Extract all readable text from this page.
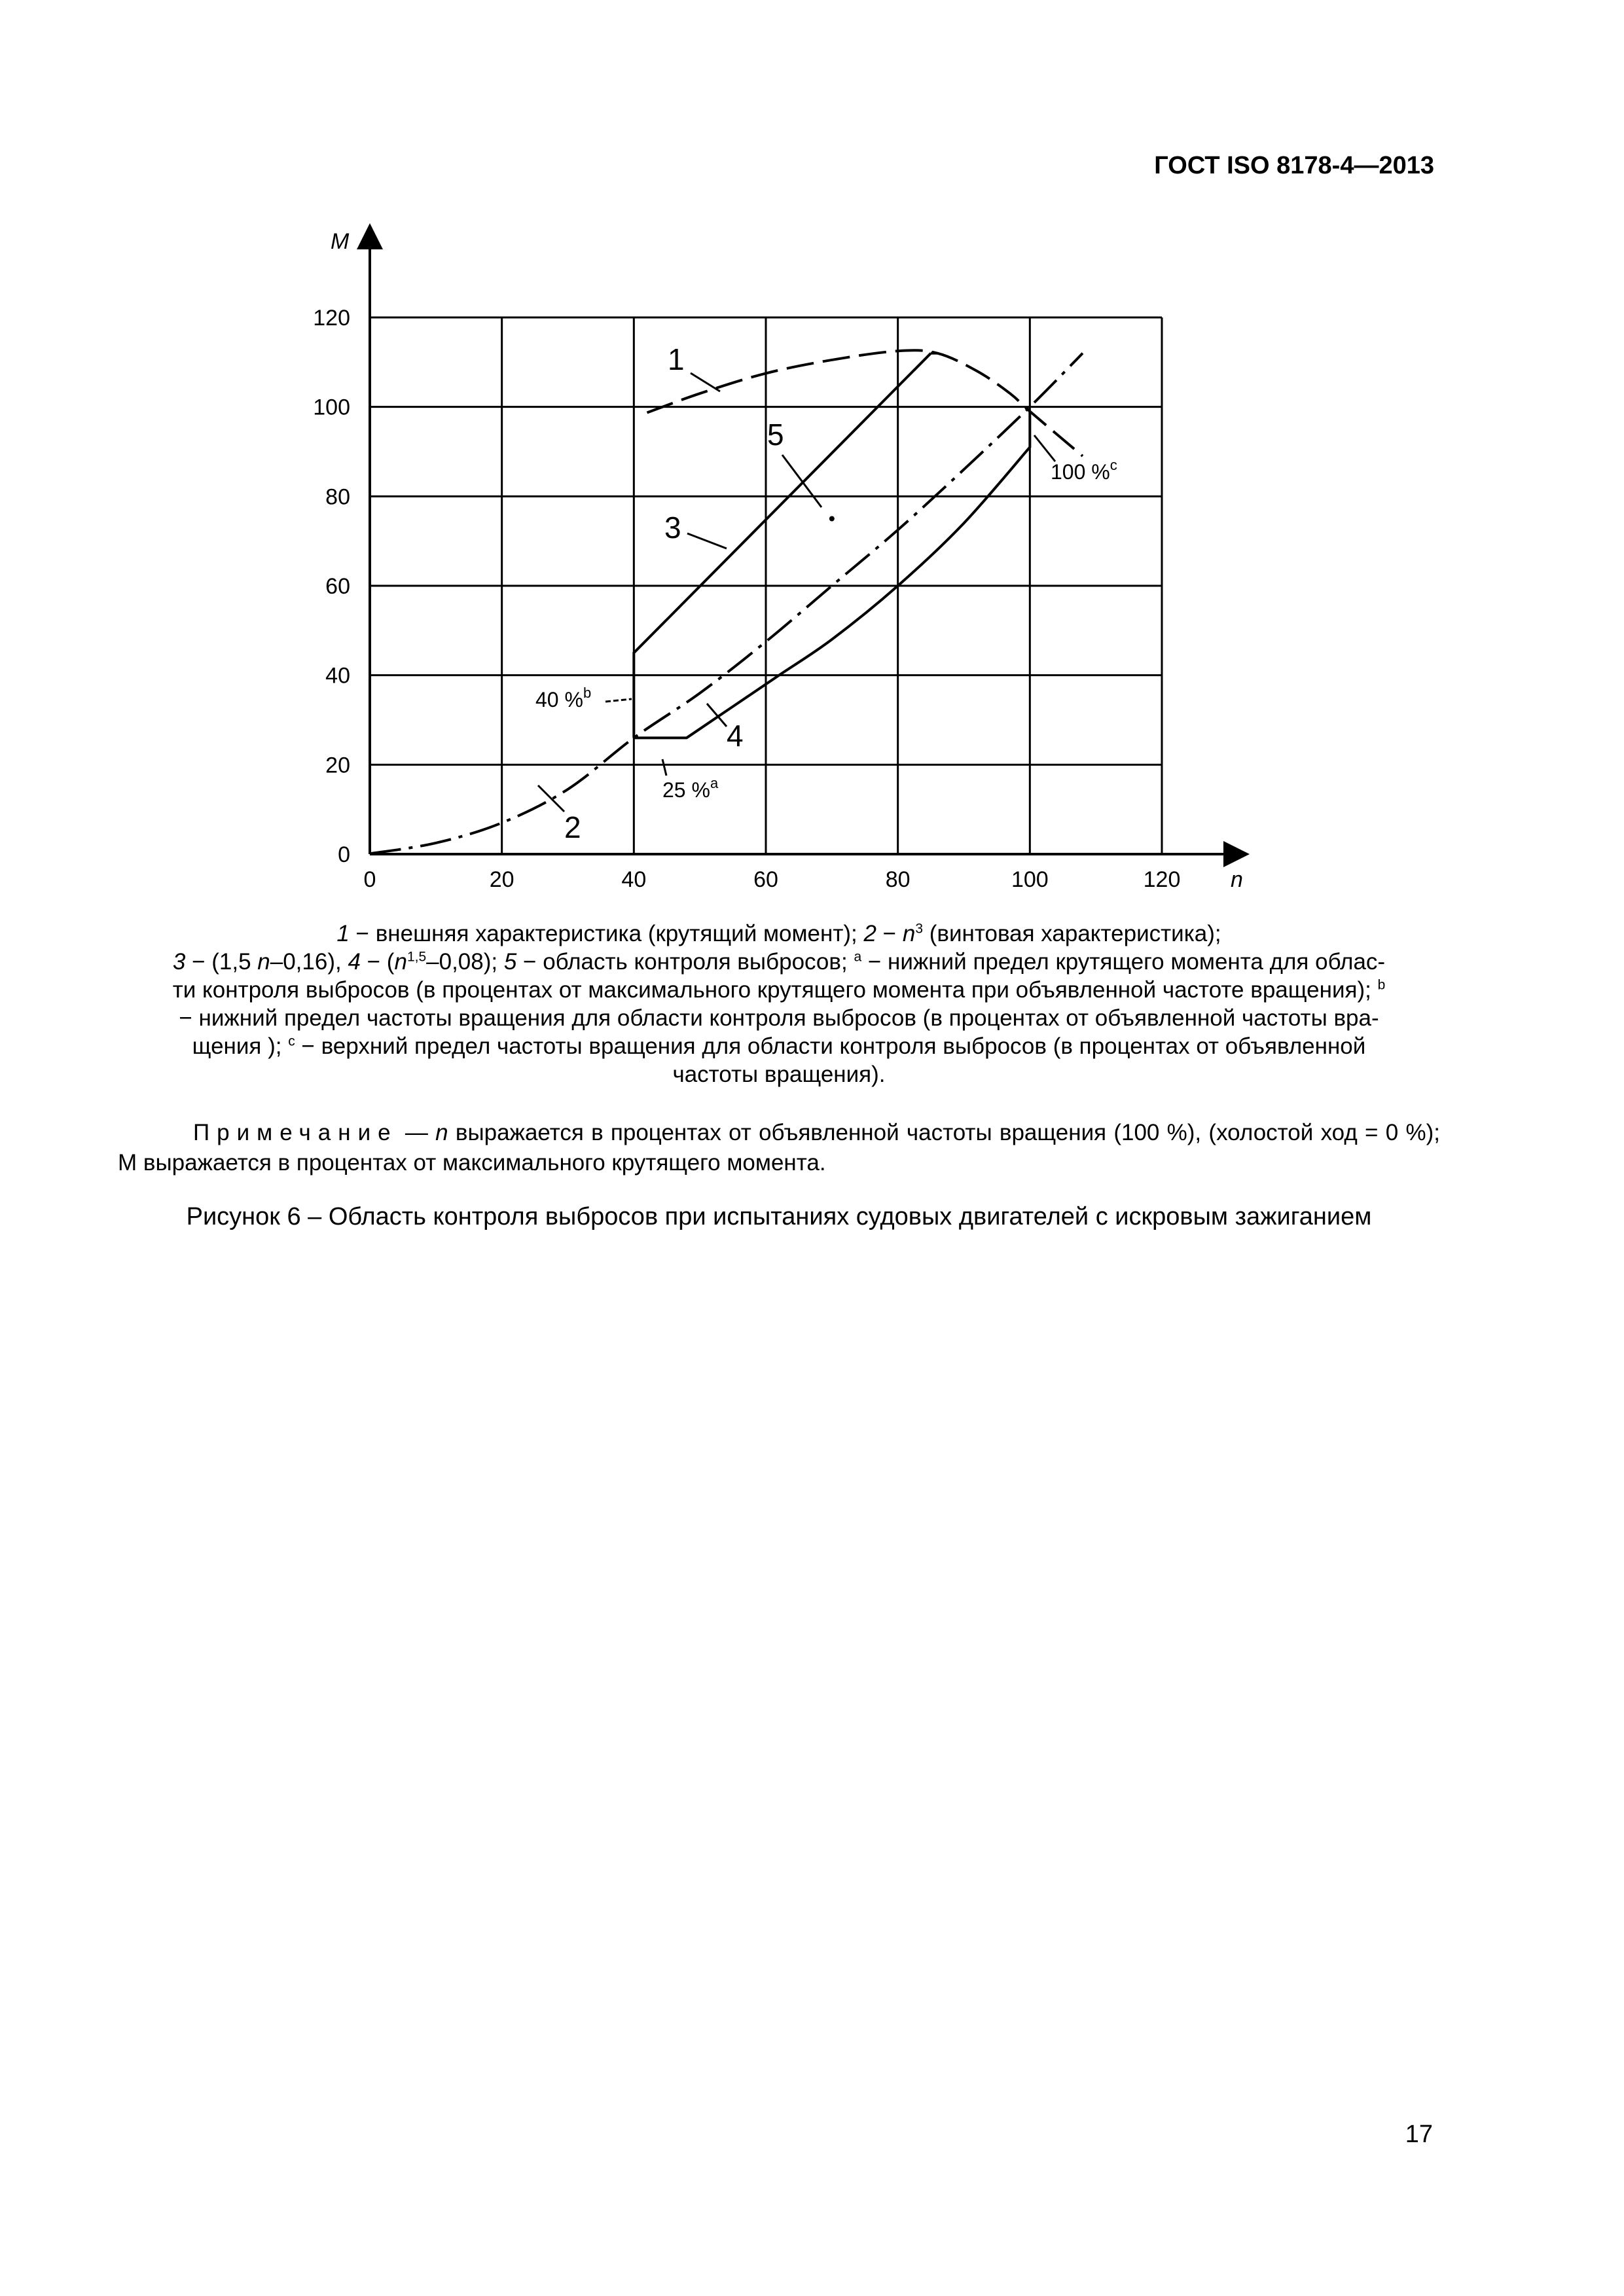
ГОСТ ISO 8178-4—2013
M
n
0	20	40	60	80	100	120
0
20
40
60
80
100
120
1
2
3
4
5
40 %$^b$
25 %$^a$
100 %$^c$

1 − внешняя характеристика (крутящий момент); $2 - n^3$ (винтовая характеристика);

3 − (1,5 n–0,16), $4 - (n^{1,5}-0,08)$; 5 − область контроля выбросов; $^a$ − нижний предел крутящего момента для облас-

ти контроля выбросов (в процентах от максимального крутящего момента при объявленной частоте вращения); $^b$

− нижний предел частоты вращения для области контроля выбросов (в процентах от объявленной частоты вра-

щения ); $^c$ − верхний предел частоты вращения для области контроля выбросов (в процентах от объявленной

частоты вращения).

Примечание — n выражается в процентах от объявленной частоты вращения (100 %), (холостой ход = 0 %); М выражается в процентах от максимального крутящего момента.
Рисунок 6 – Область контроля выбросов при испытаниях судовых двигателей с искровым зажиганием
17
